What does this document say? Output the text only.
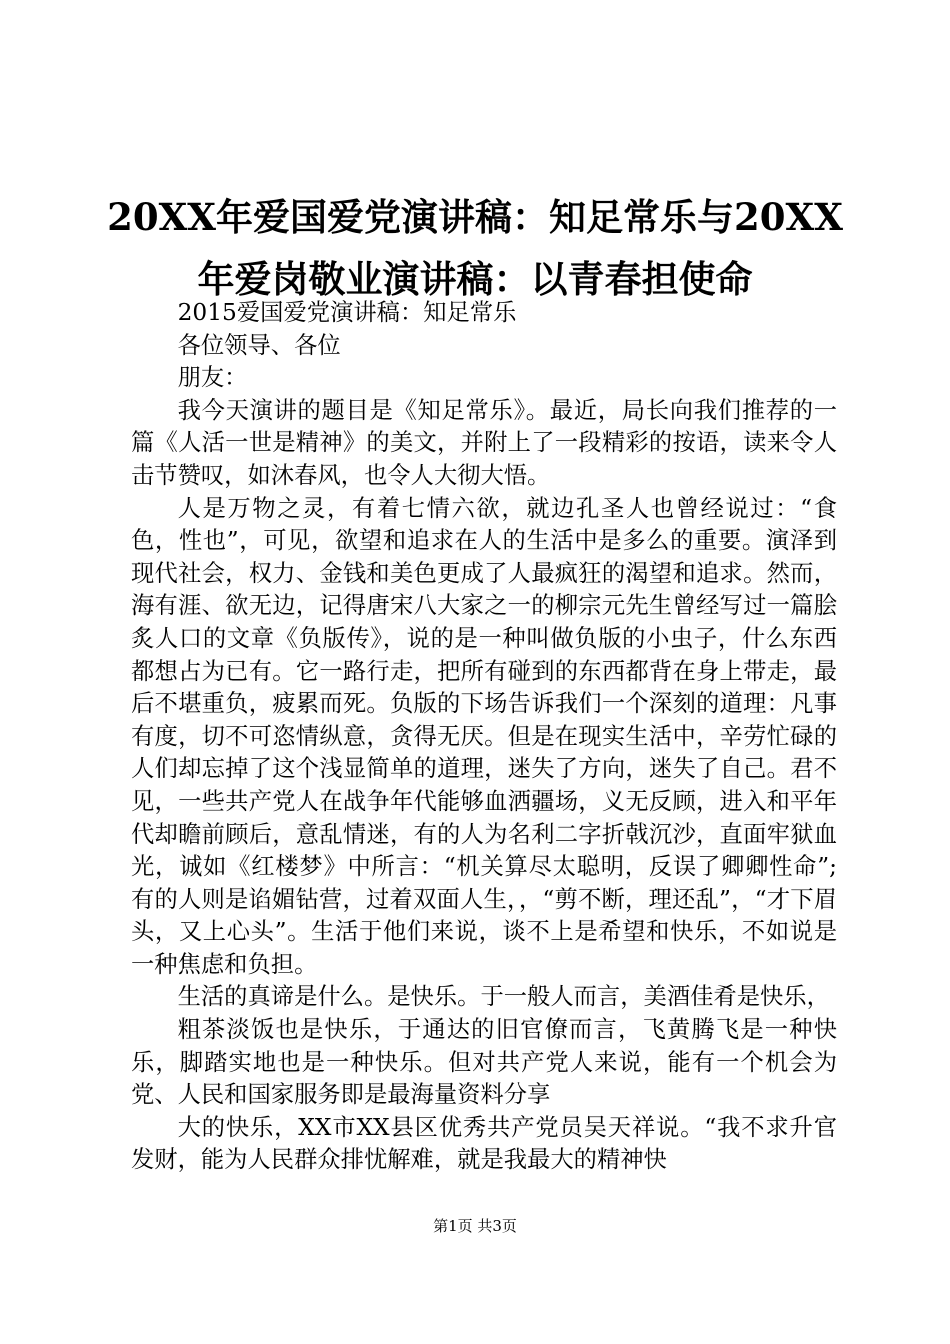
20XX年爱国爱党演讲稿：知足常乐与20XX年爱岗敬业演讲稿：以青春担使命

2015爱国爱党演讲稿：知足常乐

各位领导、各位

朋友：

我今天演讲的题目是《知足常乐》。最近，局长向我们推荐的一篇《人活一世是精神》的美文，并附上了一段精彩的按语，读来令人击节赞叹，如沐春风，也令人大彻大悟。

人是万物之灵，有着七情六欲，就边孔圣人也曾经说过：“食色，性也”，可见，欲望和追求在人的生活中是多么的重要。演泽到现代社会，权力、金钱和美色更成了人最疯狂的渴望和追求。然而，海有涯、欲无边，记得唐宋八大家之一的柳宗元先生曾经写过一篇脍炙人口的文章《负版传》，说的是一种叫做负版的小虫子，什么东西都想占为已有。它一路行走，把所有碰到的东西都背在身上带走，最后不堪重负，疲累而死。负版的下场告诉我们一个深刻的道理：凡事有度，切不可恣情纵意，贪得无厌。但是在现实生活中，辛劳忙碌的人们却忘掉了这个浅显简单的道理，迷失了方向，迷失了自己。君不见，一些共产党人在战争年代能够血洒疆场，义无反顾，进入和平年代却瞻前顾后，意乱情迷，有的人为名利二字折戟沉沙，直面牢狱血光，诚如《红楼梦》中所言：“机关算尽太聪明，反误了卿卿性命”;有的人则是谄媚钻营，过着双面人生，，“剪不断，理还乱”，“才下眉头，又上心头”。生活于他们来说，谈不上是希望和快乐，不如说是一种焦虑和负担。

生活的真谛是什么。是快乐。于一般人而言，美酒佳肴是快乐，

粗茶淡饭也是快乐，于通达的旧官僚而言，飞黄腾飞是一种快乐，脚踏实地也是一种快乐。但对共产党人来说，能有一个机会为党、人民和国家服务即是最海量资料分享

大的快乐，XX市XX县区优秀共产党员吴天祥说。“我不求升官发财，能为人民群众排忧解难，就是我最大的精神快

第1页 共3页
